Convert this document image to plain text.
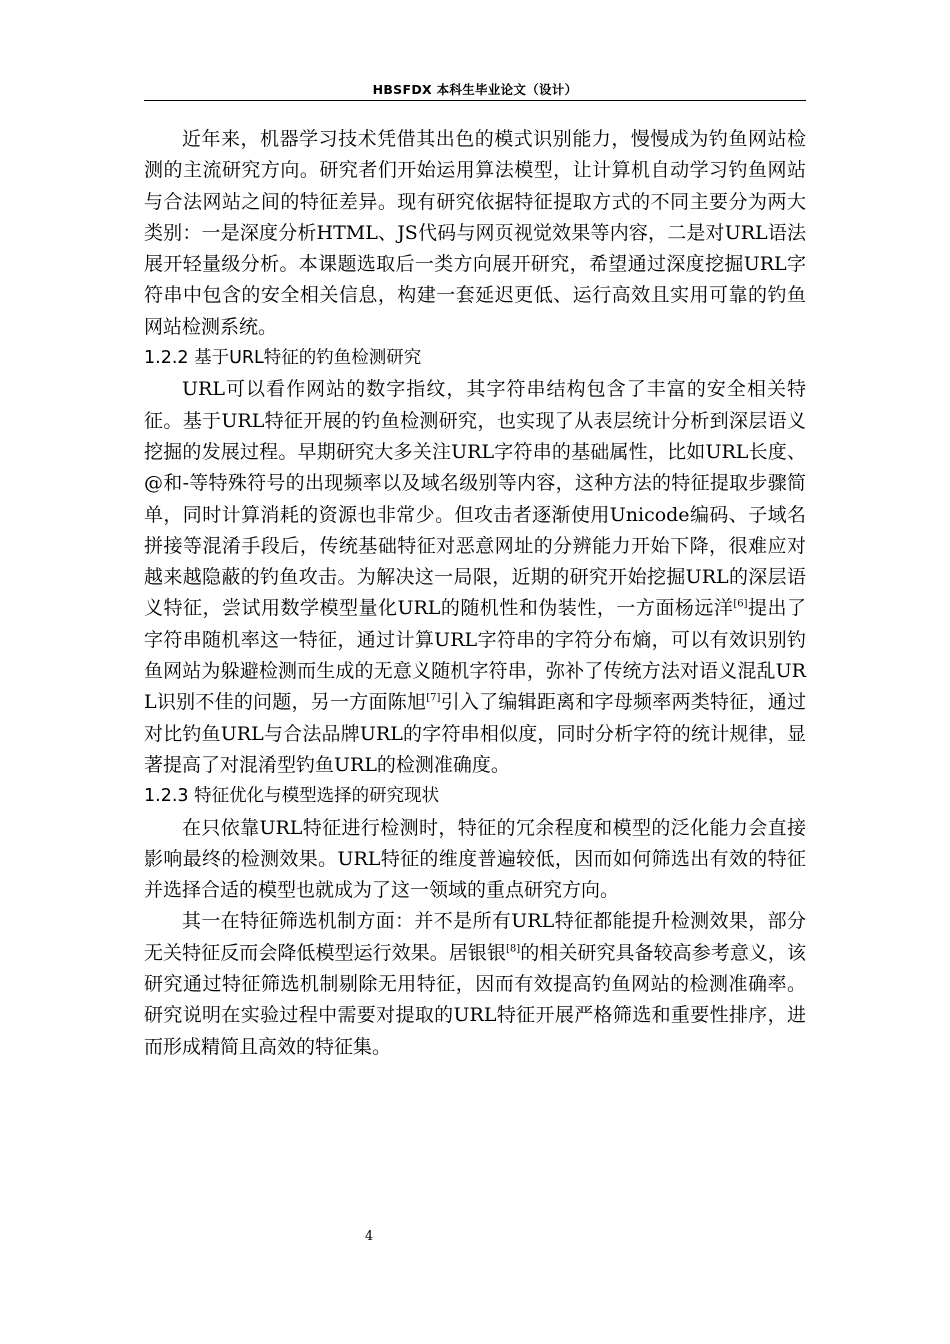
HBSFDX 本科生毕业论文（设计）

近年来，机器学习技术凭借其出色的模式识别能力，慢慢成为钓鱼网站检测的主流研究方向。研究者们开始运用算法模型，让计算机自动学习钓鱼网站与合法网站之间的特征差异。现有研究依据特征提取方式的不同主要分为两大类别：一是深度分析HTML、JS代码与网页视觉效果等内容，二是对URL语法展开轻量级分析。本课题选取后一类方向展开研究，希望通过深度挖掘URL字符串中包含的安全相关信息，构建一套延迟更低、运行高效且实用可靠的钓鱼网站检测系统。

1.2.2 基于URL特征的钓鱼检测研究

URL可以看作网站的数字指纹，其字符串结构包含了丰富的安全相关特征。基于URL特征开展的钓鱼检测研究，也实现了从表层统计分析到深层语义挖掘的发展过程。早期研究大多关注URL字符串的基础属性，比如URL长度、@和-等特殊符号的出现频率以及域名级别等内容，这种方法的特征提取步骤简单，同时计算消耗的资源也非常少。但攻击者逐渐使用Unicode编码、子域名拼接等混淆手段后，传统基础特征对恶意网址的分辨能力开始下降，很难应对越来越隐蔽的钓鱼攻击。为解决这一局限，近期的研究开始挖掘URL的深层语义特征，尝试用数学模型量化URL的随机性和伪装性，一方面杨远洋[6]提出了字符串随机率这一特征，通过计算URL字符串的字符分布熵，可以有效识别钓鱼网站为躲避检测而生成的无意义随机字符串，弥补了传统方法对语义混乱URL识别不佳的问题，另一方面陈旭[7]引入了编辑距离和字母频率两类特征，通过对比钓鱼URL与合法品牌URL的字符串相似度，同时分析字符的统计规律，显著提高了对混淆型钓鱼URL的检测准确度。

1.2.3 特征优化与模型选择的研究现状

在只依靠URL特征进行检测时，特征的冗余程度和模型的泛化能力会直接影响最终的检测效果。URL特征的维度普遍较低，因而如何筛选出有效的特征并选择合适的模型也就成为了这一领域的重点研究方向。

其一在特征筛选机制方面：并不是所有URL特征都能提升检测效果，部分无关特征反而会降低模型运行效果。居银银[8]的相关研究具备较高参考意义，该研究通过特征筛选机制剔除无用特征，因而有效提高钓鱼网站的检测准确率。研究说明在实验过程中需要对提取的URL特征开展严格筛选和重要性排序，进而形成精简且高效的特征集。

4
